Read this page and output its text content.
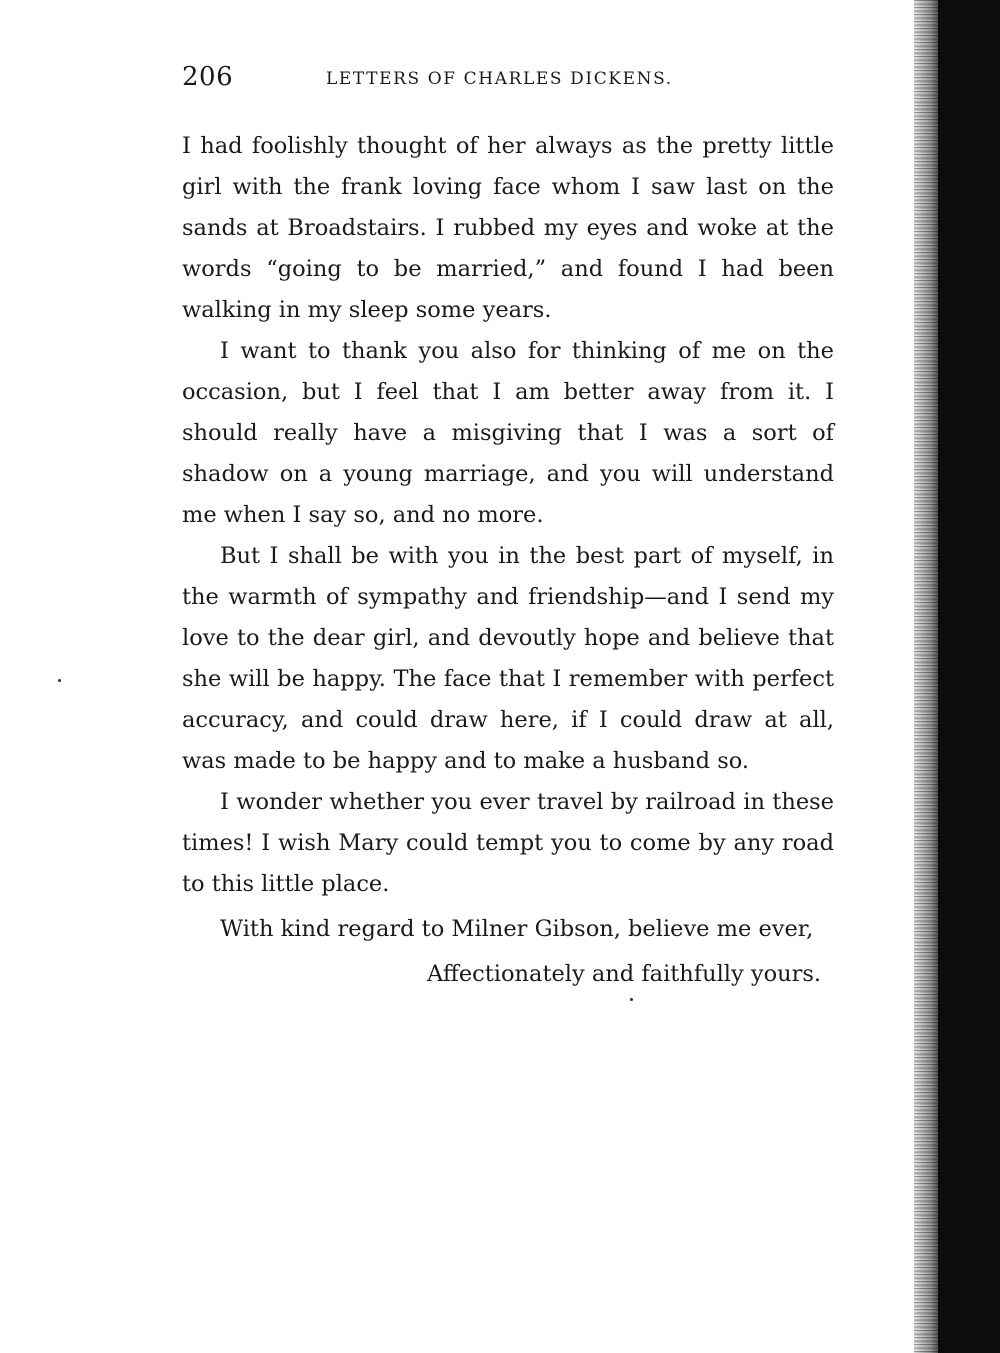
206	LETTERS OF CHARLES DICKENS.

I had foolishly thought of her always as the pretty little girl with the frank loving face whom I saw last on the sands at Broadstairs. I rubbed my eyes and woke at the words “going to be married,” and found I had been walking in my sleep some years.

I want to thank you also for thinking of me on the occasion, but I feel that I am better away from it. I should really have a misgiving that I was a sort of shadow on a young marriage, and you will understand me when I say so, and no more.

But I shall be with you in the best part of myself, in the warmth of sympathy and friendship—and I send my love to the dear girl, and devoutly hope and believe that she will be happy. The face that I remember with perfect accuracy, and could draw here, if I could draw at all, was made to be happy and to make a husband so.

I wonder whether you ever travel by railroad in these times! I wish Mary could tempt you to come by any road to this little place.

With kind regard to Milner Gibson, believe me ever,

Affectionately and faithfully yours.
